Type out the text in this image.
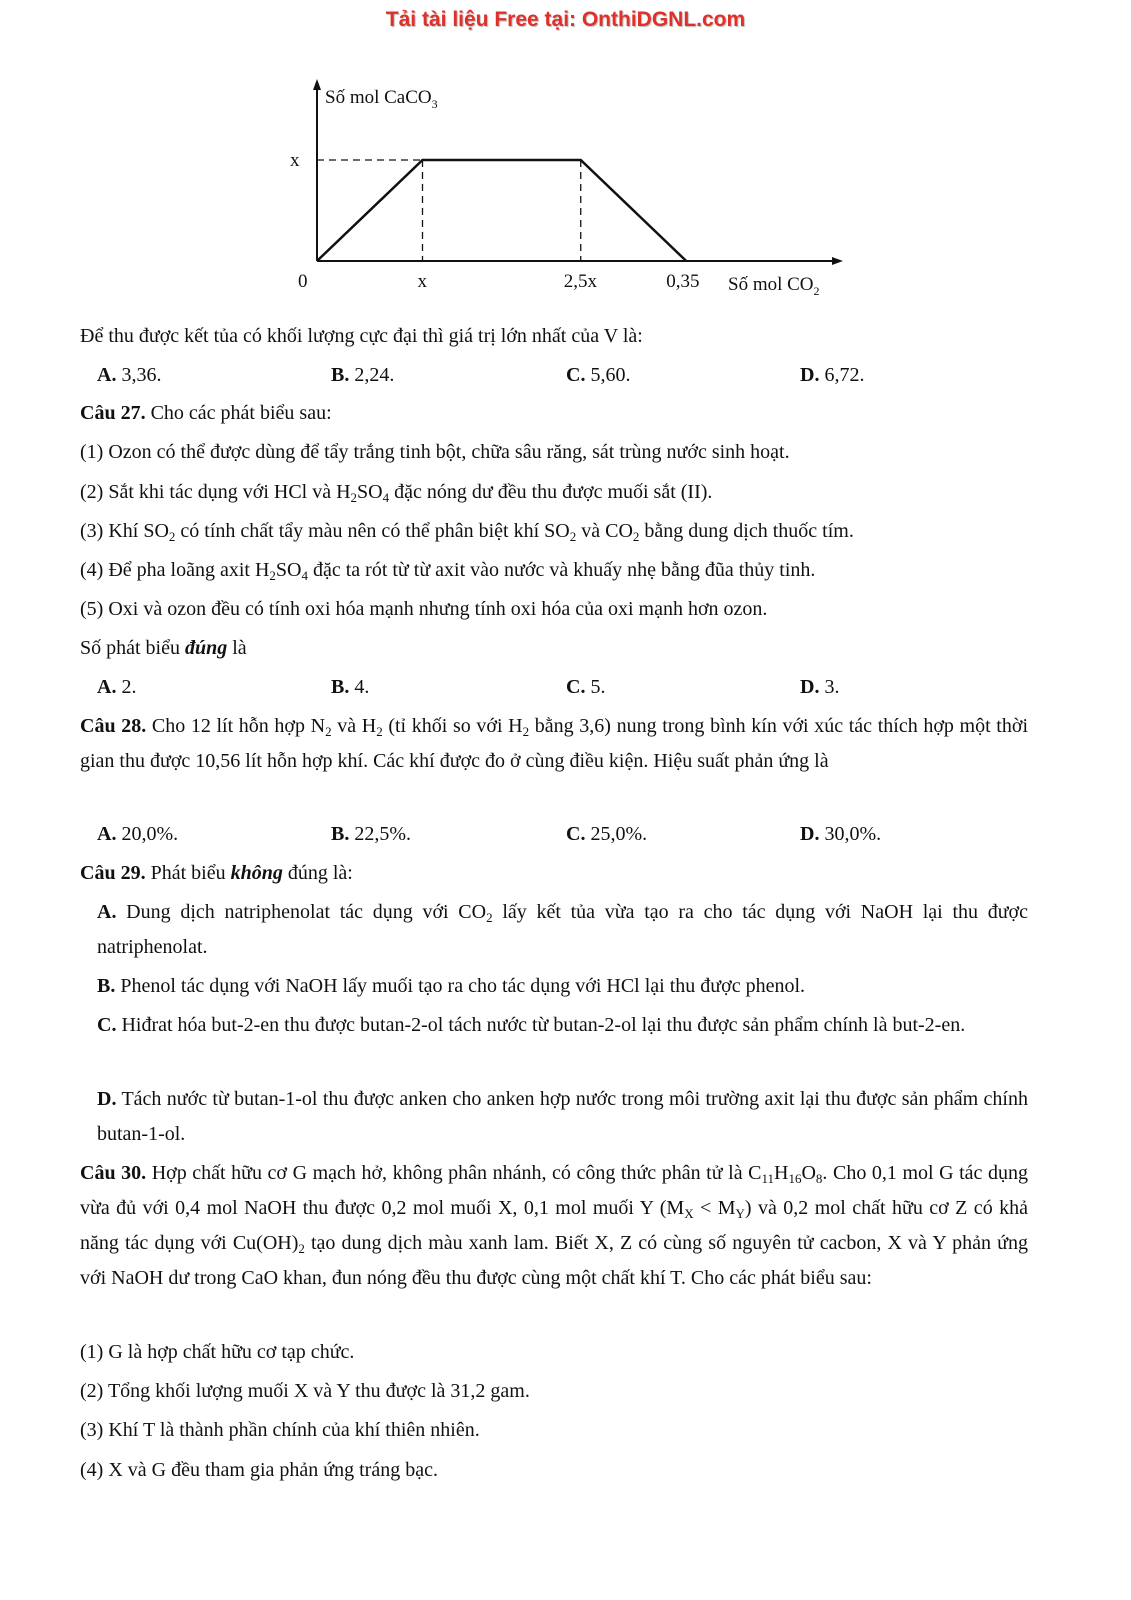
Tải tài liệu Free tại: OnthiDGNL.com
Số mol CaCO$_3$
Số mol $CO_2$
x
0	x	2,5x	0,35
Để thu được kết tủa có khối lượng cực đại thì giá trị lớn nhất của V là:
A. 3,36.	B. 2,24.	C. 5,60.	D. 6,72.
Câu 27. Cho các phát biểu sau:
(1) Ozon có thể được dùng để tẩy trắng tinh bột, chữa sâu răng, sát trùng nước sinh hoạt.
(2) Sắt khi tác dụng với HCl và $H_2SO_4$ đặc nóng dư đều thu được muối sắt (II).
(3) Khí $SO_2$ có tính chất tẩy màu nên có thể phân biệt khí $SO_2$ và $CO_2$ bằng dung dịch thuốc tím.
(4) Để pha loãng axit $H_2SO_4$ đặc ta rót từ từ axit vào nước và khuấy nhẹ bằng đũa thủy tinh.
(5) Oxi và ozon đều có tính oxi hóa mạnh nhưng tính oxi hóa của oxi mạnh hơn ozon.
Số phát biểu đúng là
A. 2.	B. 4.	C. 5.	D. 3.
Câu 28. Cho 12 lít hỗn hợp $N_2$ và $H_2$ (tỉ khối so với $H_2$ bằng 3,6) nung trong bình kín với xúc tác thích hợp một thời gian thu được 10,56 lít hỗn hợp khí. Các khí được đo ở cùng điều kiện. Hiệu suất phản ứng là
A. 20,0%.	B. 22,5%.	C. 25,0%.	D. 30,0%.
Câu 29. Phát biểu không đúng là:
A. Dung dịch natriphenolat tác dụng với $CO_2$ lấy kết tủa vừa tạo ra cho tác dụng với NaOH lại thu được natriphenolat.
B. Phenol tác dụng với NaOH lấy muối tạo ra cho tác dụng với HCl lại thu được phenol.
C. Hiđrat hóa but-2-en thu được butan-2-ol tách nước từ butan-2-ol lại thu được sản phẩm chính là but-2-en.
D. Tách nước từ butan-1-ol thu được anken cho anken hợp nước trong môi trường axit lại thu được sản phẩm chính butan-1-ol.
Câu 30. Hợp chất hữu cơ G mạch hở, không phân nhánh, có công thức phân tử là $C_{11}H_{16}O_8$. Cho 0,1 mol G tác dụng vừa đủ với 0,4 mol NaOH thu được 0,2 mol muối X, 0,1 mol muối Y $(M_X < M_Y)$ và 0,2 mol chất hữu cơ Z có khả năng tác dụng với $Cu(OH)_2$ tạo dung dịch màu xanh lam. Biết X, Z có cùng số nguyên tử cacbon, X và Y phản ứng với NaOH dư trong CaO khan, đun nóng đều thu được cùng một chất khí T. Cho các phát biểu sau:
(1) G là hợp chất hữu cơ tạp chức.
(2) Tổng khối lượng muối X và Y thu được là 31,2 gam.
(3) Khí T là thành phần chính của khí thiên nhiên.
(4) X và G đều tham gia phản ứng tráng bạc.
